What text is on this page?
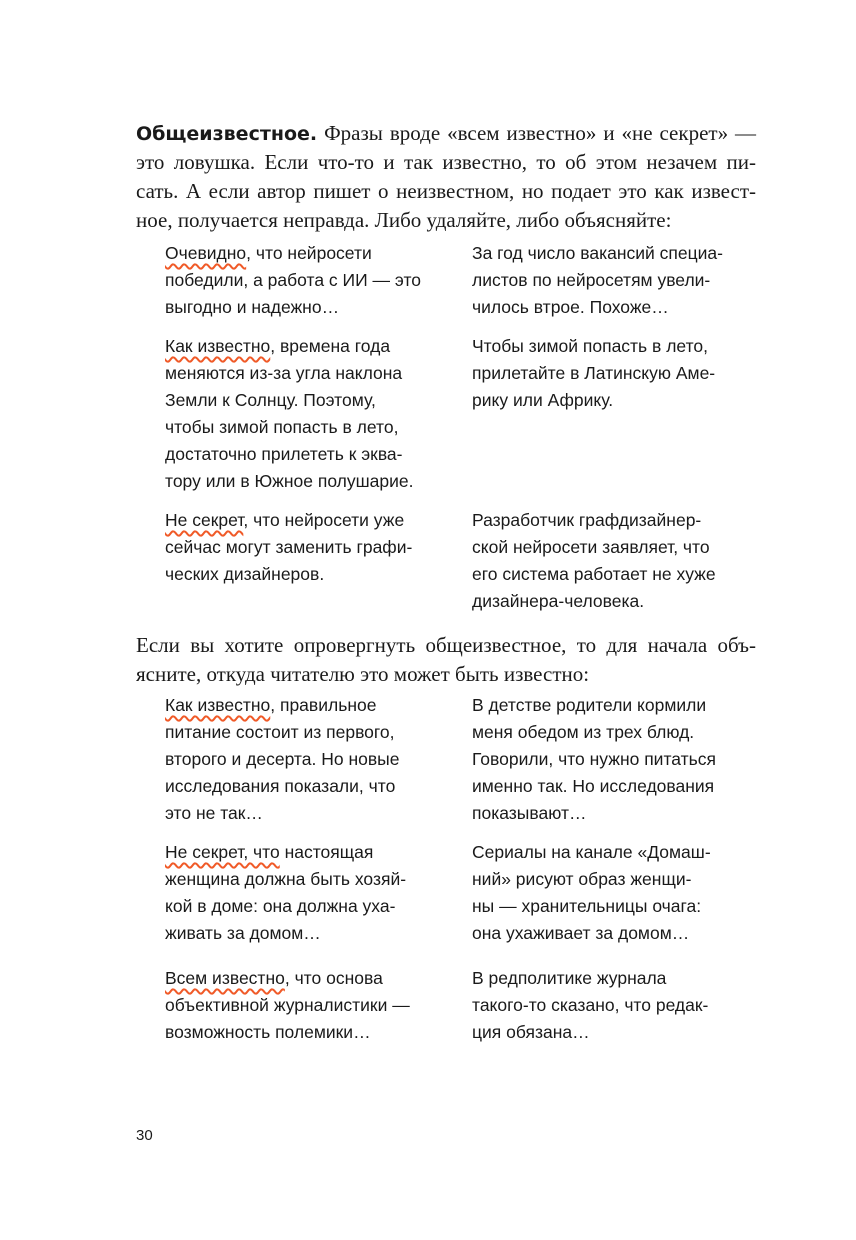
30
Общеизвестное. Фразы вроде «всем известно» и «не секрет» —
это ловушка. Если что-то и так известно, то об этом незачем пи-
сать. А если автор пишет о неизвестном, но подает это как извест-
ное, получается неправда. Либо удаляйте, либо объясняйте:
Если вы хотите опровергнуть общеизвестное, то для начала объ-
ясните, откуда читателю это может быть известно:
Очевидно, что нейросети
победили, а работа с ИИ — это
выгодно и надежно…
За год число вакансий специа-
листов по нейросетям увели-
чилось втрое. Похоже…
Как известно, времена года
меняются из-за угла наклона
Земли к Солнцу. Поэтому,
чтобы зимой попасть в лето,
достаточно прилететь к эква-
тору или в Южное полушарие.
Чтобы зимой попасть в лето,
прилетайте в Латинскую Аме-
рику или Африку.
Не секрет, что нейросети уже
сейчас могут заменить графи-
ческих дизайнеров.
Разработчик графдизайнер-
ской нейросети заявляет, что
его система работает не хуже
дизайнера-человека.
Как известно, правильное
питание состоит из первого,
второго и десерта. Но новые
исследования показали, что
это не так…
В детстве родители кормили
меня обедом из трех блюд.
Говорили, что нужно питаться
именно так. Но исследования
показывают…
Не секрет, что настоящая
женщина должна быть хозяй-
кой в доме: она должна уха-
живать за домом…
Сериалы на канале «Домаш-
ний» рисуют образ женщи-
ны — хранительницы очага:
она ухаживает за домом…
Всем известно, что основа
объективной журналистики —
возможность полемики…
В редполитике журнала
такого-то сказано, что редак-
ция обязана…
